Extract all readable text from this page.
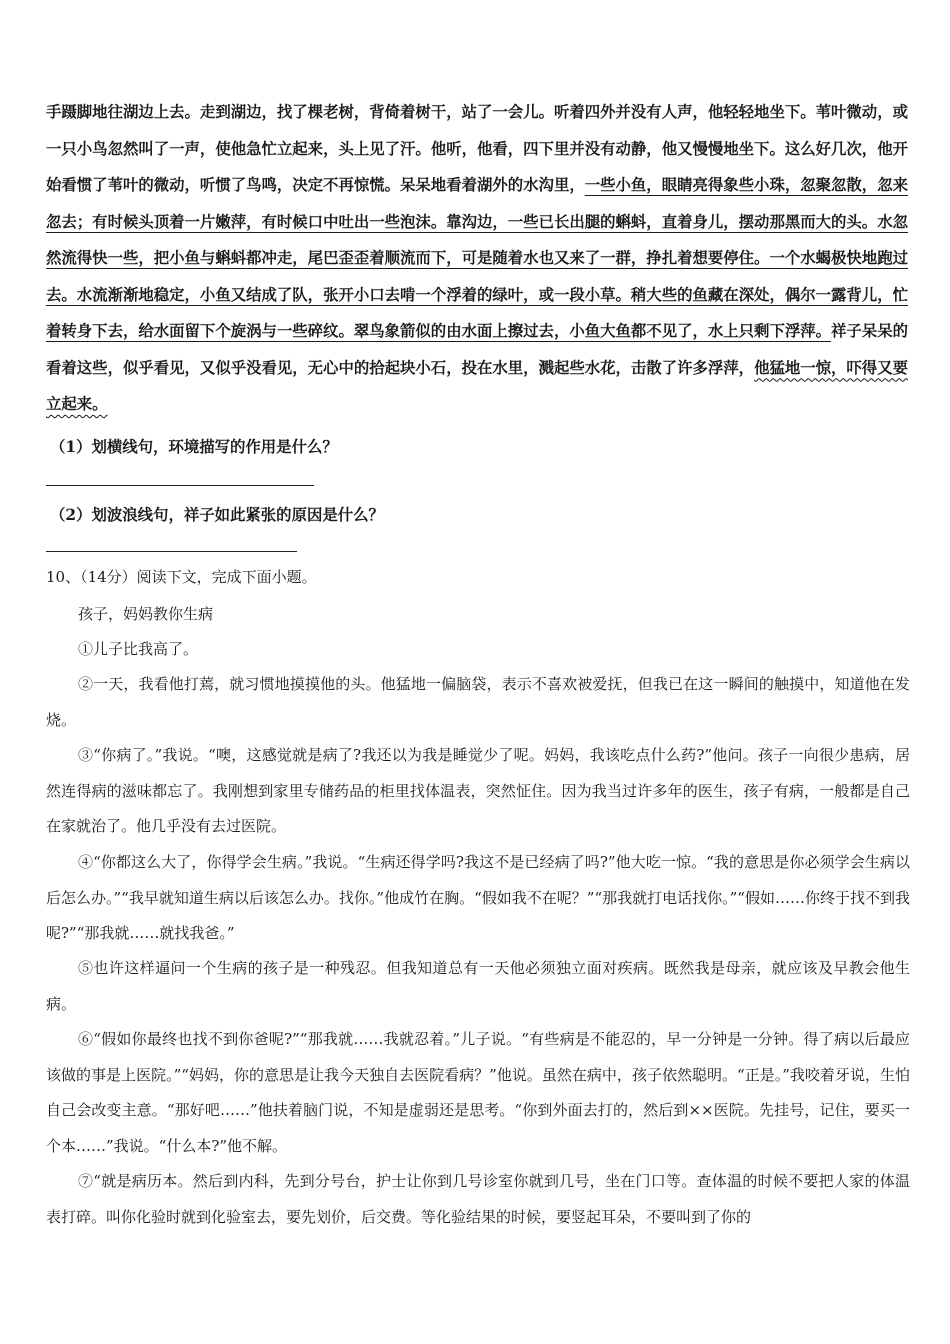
手蹑脚地往湖边上去。走到湖边，找了棵老树，背倚着树干，站了一会儿。听着四外并没有人声，他轻轻地坐下。苇叶微动，或一只小鸟忽然叫了一声，使他急忙立起来，头上见了汗。他听，他看，四下里并没有动静，他又慢慢地坐下。这么好几次，他开始看惯了苇叶的微动，听惯了鸟鸣，决定不再惊慌。呆呆地看着湖外的水沟里，一些小鱼，眼睛亮得象些小珠，忽聚忽散，忽来忽去；有时候头顶着一片嫩萍，有时候口中吐出一些泡沫。靠沟边，一些已长出腿的蝌蚪，直着身儿，摆动那黑而大的头。水忽然流得快一些，把小鱼与蝌蚪都冲走，尾巴歪歪着顺流而下，可是随着水也又来了一群，挣扎着想要停住。一个水蝎极快地跑过去。水流渐渐地稳定，小鱼又结成了队，张开小口去啃一个浮着的绿叶，或一段小草。稍大些的鱼藏在深处，偶尔一露背儿，忙着转身下去，给水面留下个旋涡与一些碎纹。翠鸟象箭似的由水面上擦过去，小鱼大鱼都不见了，水上只剩下浮萍。祥子呆呆的看着这些，似乎看见，又似乎没看见，无心中的拾起块小石，投在水里，溅起些水花，击散了许多浮萍，他猛地一惊，吓得又要立起来。
（1）划横线句，环境描写的作用是什么？
（2）划波浪线句，祥子如此紧张的原因是什么？
10、（14分）阅读下文，完成下面小题。
孩子，妈妈教你生病
①儿子比我高了。
②一天，我看他打蔫，就习惯地摸摸他的头。他猛地一偏脑袋，表示不喜欢被爱抚，但我已在这一瞬间的触摸中，知道他在发烧。
③“你病了。”我说。“噢，这感觉就是病了?我还以为我是睡觉少了呢。妈妈，我该吃点什么药?”他问。孩子一向很少患病，居然连得病的滋味都忘了。我刚想到家里专储药品的柜里找体温表，突然怔住。因为我当过许多年的医生，孩子有病，一般都是自己在家就治了。他几乎没有去过医院。
④“你都这么大了，你得学会生病。”我说。“生病还得学吗?我这不是已经病了吗?”他大吃一惊。“我的意思是你必须学会生病以后怎么办。”“我早就知道生病以后该怎么办。找你。”他成竹在胸。“假如我不在呢？”“那我就打电话找你。”“假如……你终于找不到我呢?”“那我就……就找我爸。”
⑤也许这样逼问一个生病的孩子是一种残忍。但我知道总有一天他必须独立面对疾病。既然我是母亲，就应该及早教会他生病。
⑥“假如你最终也找不到你爸呢?”“那我就……我就忍着。”儿子说。“有些病是不能忍的，早一分钟是一分钟。得了病以后最应该做的事是上医院。”“妈妈，你的意思是让我今天独自去医院看病？”他说。虽然在病中，孩子依然聪明。“正是。”我咬着牙说，生怕自己会改变主意。“那好吧……”他扶着脑门说，不知是虚弱还是思考。“你到外面去打的，然后到××医院。先挂号，记住，要买一个本……”我说。“什么本?”他不解。
⑦“就是病历本。然后到内科，先到分号台，护士让你到几号诊室你就到几号，坐在门口等。查体温的时候不要把人家的体温表打碎。叫你化验时就到化验室去，要先划价，后交费。等化验结果的时候，要竖起耳朵，不要叫到了你的
